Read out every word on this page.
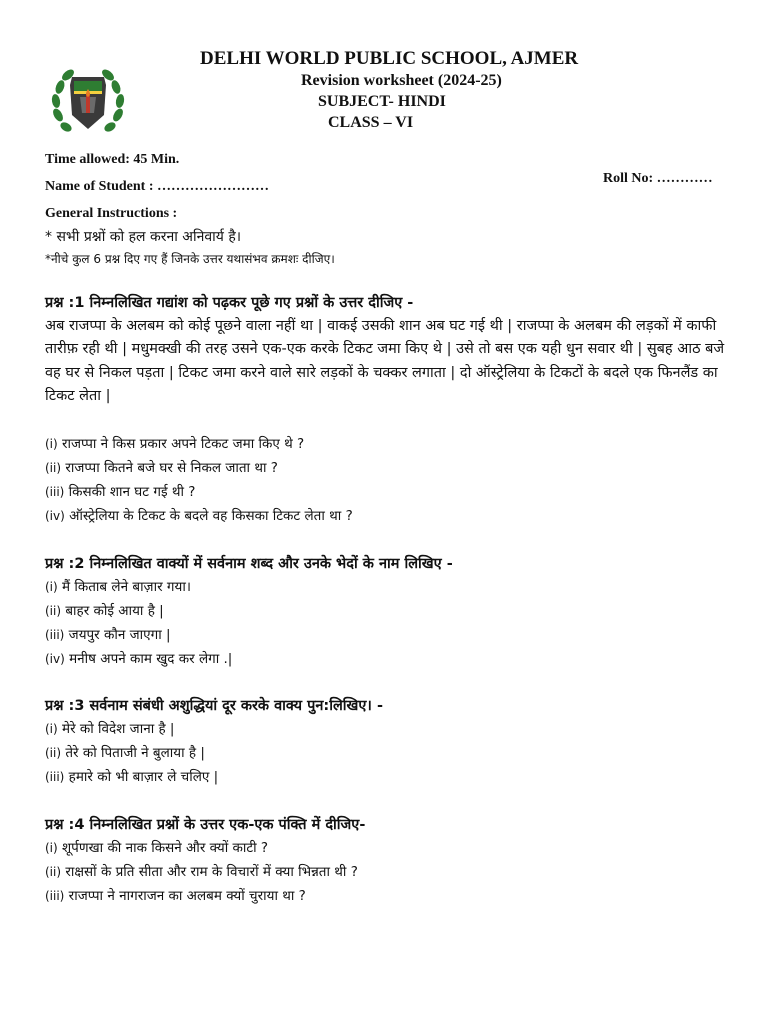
DELHI WORLD PUBLIC SCHOOL, AJMER
Revision worksheet (2024-25)
SUBJECT- HINDI
CLASS – VI
Time allowed: 45 Min.
Name of Student : ……………………
Roll No: …………
General Instructions :
* सभी प्रश्नों को हल करना अनिवार्य है।
*नीचे कुल 6 प्रश्न दिए गए हैं जिनके उत्तर यथासंभव क्रमशः दीजिए।
प्रश्न :1 निम्नलिखित गद्यांश को पढ़कर पूछे गए प्रश्नों के उत्तर दीजिए -
अब राजप्पा के अलबम को कोई पूछने वाला नहीं था | वाकई उसकी शान अब घट गई थी | राजप्पा के अलबम की लड़कों में काफी तारीफ़ रही थी | मधुमक्खी की तरह उसने एक-एक करके टिकट जमा किए थे | उसे तो बस एक यही धुन सवार थी | सुबह आठ बजे वह घर से निकल पड़ता | टिकट जमा करने वाले सारे लड़कों के चक्कर लगाता | दो ऑस्ट्रेलिया के टिकटों के बदले एक फिनलैंड का टिकट लेता |
(i) राजप्पा ने किस प्रकार अपने टिकट जमा किए थे ?
(ii) राजप्पा कितने बजे घर से निकल जाता था ?
(iii) किसकी शान घट गई थी ?
(iv) ऑस्ट्रेलिया के टिकट के बदले वह किसका टिकट लेता था ?
प्रश्न :2 निम्नलिखित वाक्यों में सर्वनाम शब्द और उनके भेदों के नाम लिखिए -
(i) मैं किताब लेने बाज़ार गया।
(ii) बाहर कोई आया है |
(iii) जयपुर कौन जाएगा |
(iv) मनीष अपने काम खुद कर लेगा .|
प्रश्न :3 सर्वनाम संबंधी अशुद्धियां दूर करके वाक्य पुन:लिखिए। -
(i) मेरे को विदेश जाना है |
(ii) तेरे को पिताजी ने बुलाया है |
(iii) हमारे को भी बाज़ार ले चलिए |
प्रश्न :4 निम्नलिखित प्रश्नों के उत्तर एक-एक पंक्ति में दीजिए-
(i) शूर्पणखा की नाक किसने और क्यों काटी ?
(ii) राक्षसों के प्रति सीता और राम के विचारों में क्या भिन्नता थी ?
(iii) राजप्पा ने नागराजन का अलबम क्यों चुराया था ?
